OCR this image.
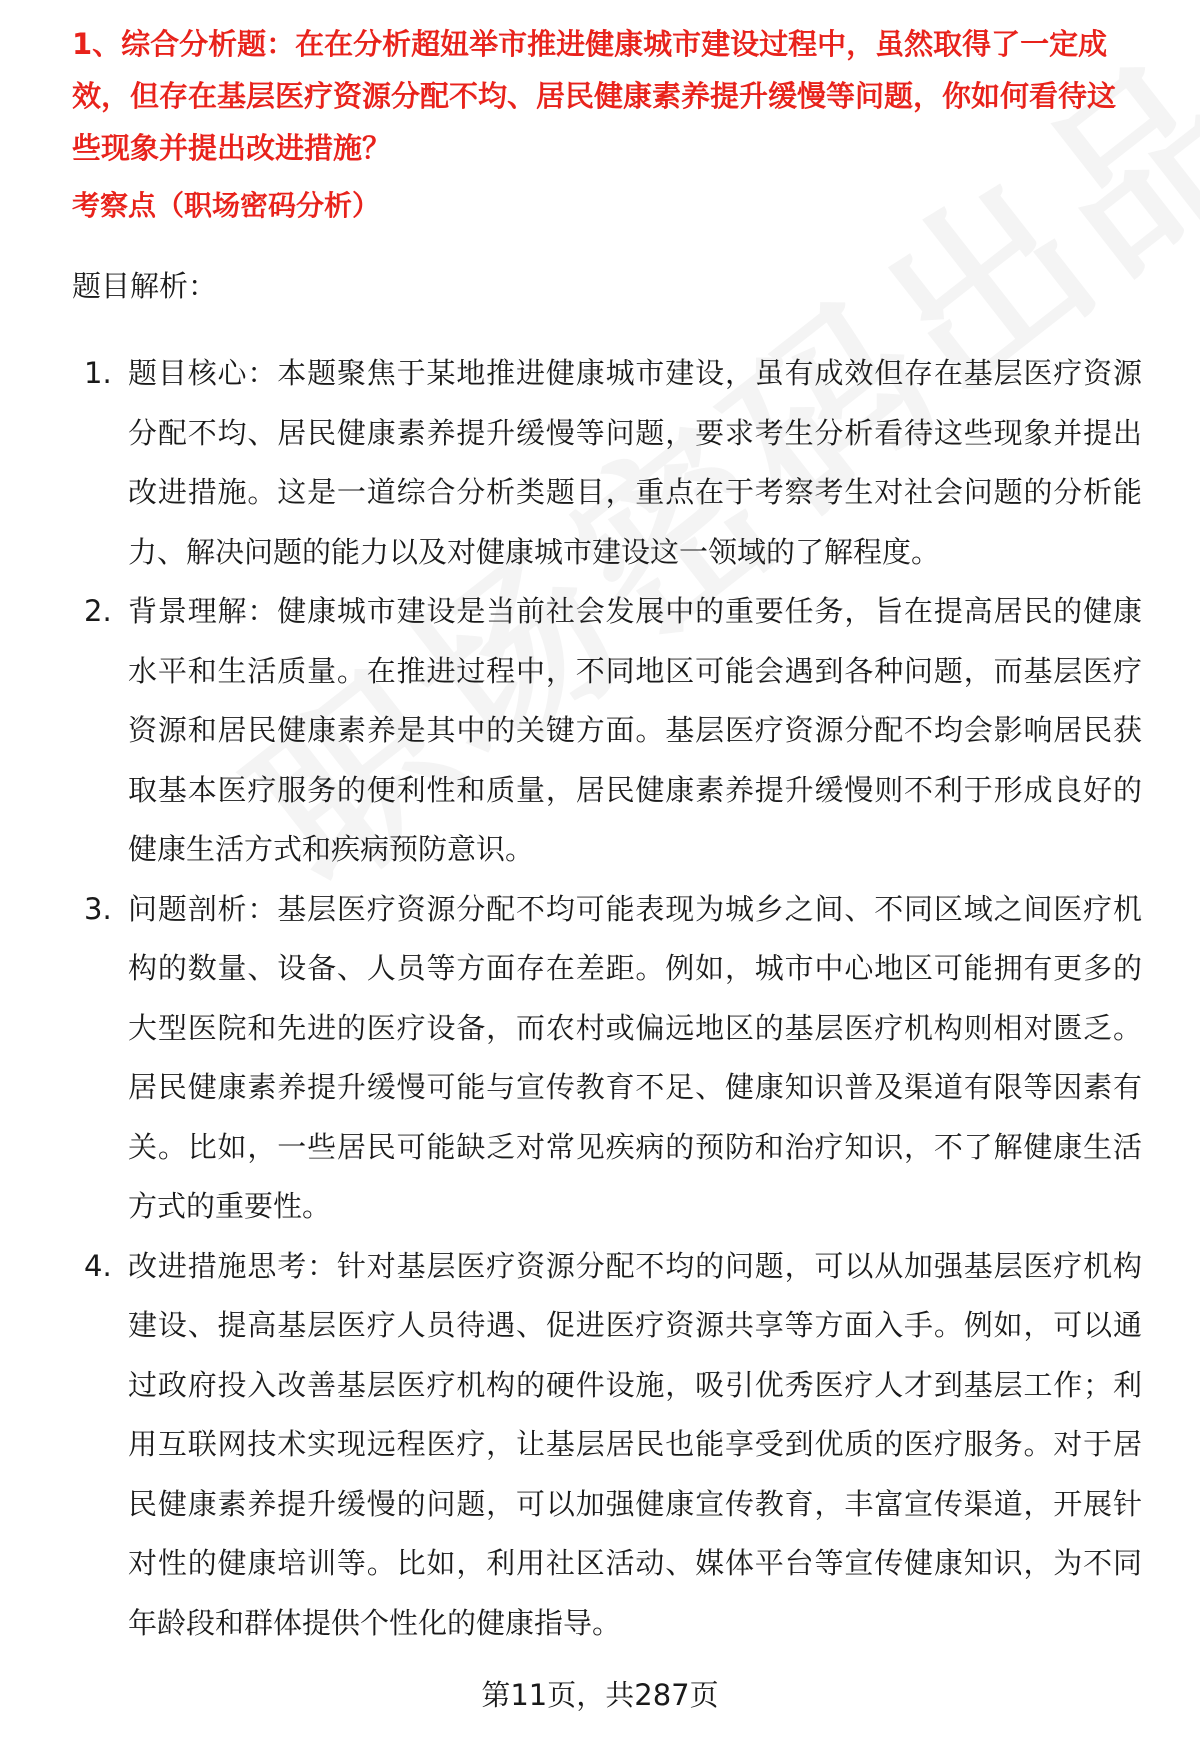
1、综合分析题：在在分析超妞举市推进健康城市建设过程中，虽然取得了一定成效，但存在基层医疗资源分配不均、居民健康素养提升缓慢等问题，你如何看待这些现象并提出改进措施？

考察点（职场密码分析）

题目解析：

1. 题目核心：本题聚焦于某地推进健康城市建设，虽有成效但存在基层医疗资源分配不均、居民健康素养提升缓慢等问题，要求考生分析看待这些现象并提出改进措施。这是一道综合分析类题目，重点在于考察考生对社会问题的分析能力、解决问题的能力以及对健康城市建设这一领域的了解程度。
2. 背景理解：健康城市建设是当前社会发展中的重要任务，旨在提高居民的健康水平和生活质量。在推进过程中，不同地区可能会遇到各种问题，而基层医疗资源和居民健康素养是其中的关键方面。基层医疗资源分配不均会影响居民获取基本医疗服务的便利性和质量，居民健康素养提升缓慢则不利于形成良好的健康生活方式和疾病预防意识。
3. 问题剖析：基层医疗资源分配不均可能表现为城乡之间、不同区域之间医疗机构的数量、设备、人员等方面存在差距。例如，城市中心地区可能拥有更多的大型医院和先进的医疗设备，而农村或偏远地区的基层医疗机构则相对匮乏。居民健康素养提升缓慢可能与宣传教育不足、健康知识普及渠道有限等因素有关。比如，一些居民可能缺乏对常见疾病的预防和治疗知识，不了解健康生活方式的重要性。
4. 改进措施思考：针对基层医疗资源分配不均的问题，可以从加强基层医疗机构建设、提高基层医疗人员待遇、促进医疗资源共享等方面入手。例如，可以通过政府投入改善基层医疗机构的硬件设施，吸引优秀医疗人才到基层工作；利用互联网技术实现远程医疗，让基层居民也能享受到优质的医疗服务。对于居民健康素养提升缓慢的问题，可以加强健康宣传教育，丰富宣传渠道，开展针对性的健康培训等。比如，利用社区活动、媒体平台等宣传健康知识，为不同年龄段和群体提供个性化的健康指导。
第11页，共287页
